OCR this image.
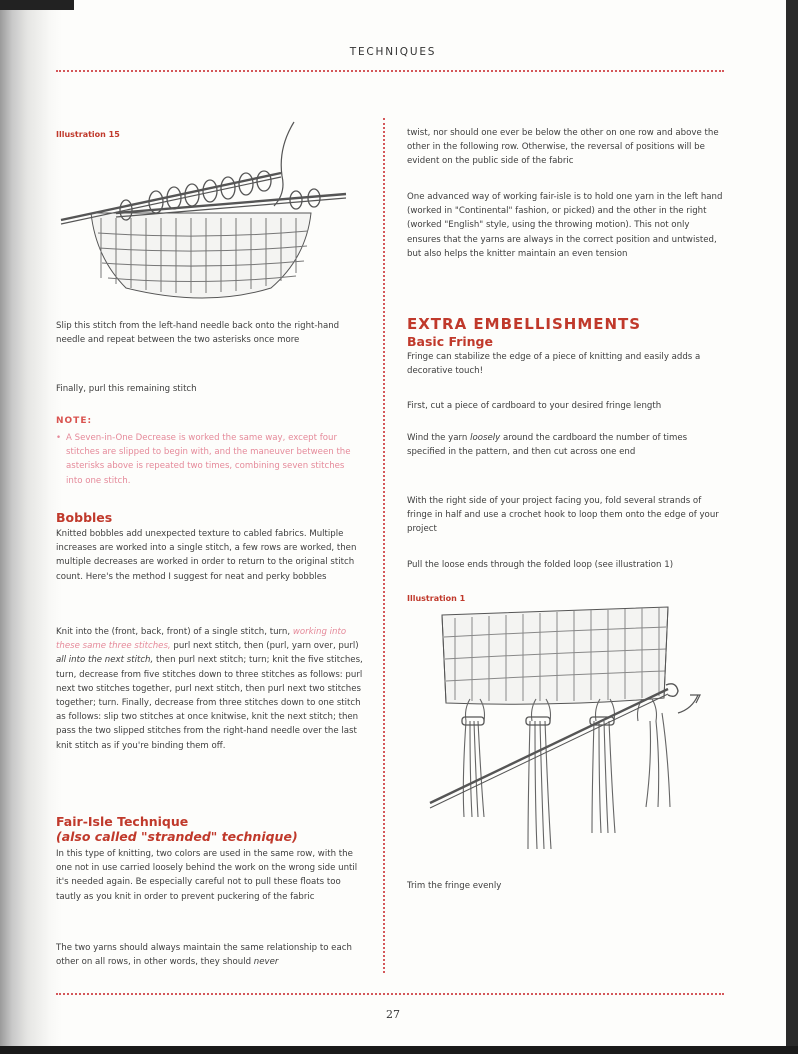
TECHNIQUES
Illustration 15
Slip this stitch from the left-hand needle back onto the right-hand needle and repeat between the two asterisks once more
Finally, purl this remaining stitch
NOTE:
• A Seven-in-One Decrease is worked the same way, except four stitches are slipped to begin with, and the maneuver between the asterisks above is repeated two times, combining seven stitches into one stitch.
Bobbles
Knitted bobbles add unexpected texture to cabled fabrics. Multiple increases are worked into a single stitch, a few rows are worked, then multiple decreases are worked in order to return to the original stitch count. Here's the method I suggest for neat and perky bobbles
Knit into the (front, back, front) of a single stitch, turn, working into these same three stitches, purl next stitch, then (purl, yarn over, purl) all into the next stitch, then purl next stitch; turn; knit the five stitches, turn, decrease from five stitches down to three stitches as follows: purl next two stitches together, purl next stitch, then purl next two stitches together; turn. Finally, decrease from three stitches down to one stitch as follows: slip two stitches at once knitwise, knit the next stitch; then pass the two slipped stitches from the right-hand needle over the last knit stitch as if you're binding them off.
Fair-Isle Technique
(also called "stranded" technique)
In this type of knitting, two colors are used in the same row, with the one not in use carried loosely behind the work on the wrong side until it's needed again. Be especially careful not to pull these floats too tautly as you knit in order to prevent puckering of the fabric
The two yarns should always maintain the same relationship to each other on all rows, in other words, they should never
twist, nor should one ever be below the other on one row and above the other in the following row. Otherwise, the reversal of positions will be evident on the public side of the fabric
One advanced way of working fair-isle is to hold one yarn in the left hand (worked in "Continental" fashion, or picked) and the other in the right (worked "English" style, using the throwing motion). This not only ensures that the yarns are always in the correct position and untwisted, but also helps the knitter maintain an even tension
EXTRA EMBELLISHMENTS
Basic Fringe
Fringe can stabilize the edge of a piece of knitting and easily adds a decorative touch!
First, cut a piece of cardboard to your desired fringe length
Wind the yarn loosely around the cardboard the number of times specified in the pattern, and then cut across one end
With the right side of your project facing you, fold several strands of fringe in half and use a crochet hook to loop them onto the edge of your project
Pull the loose ends through the folded loop (see illustration 1)
Illustration 1
Trim the fringe evenly
27
